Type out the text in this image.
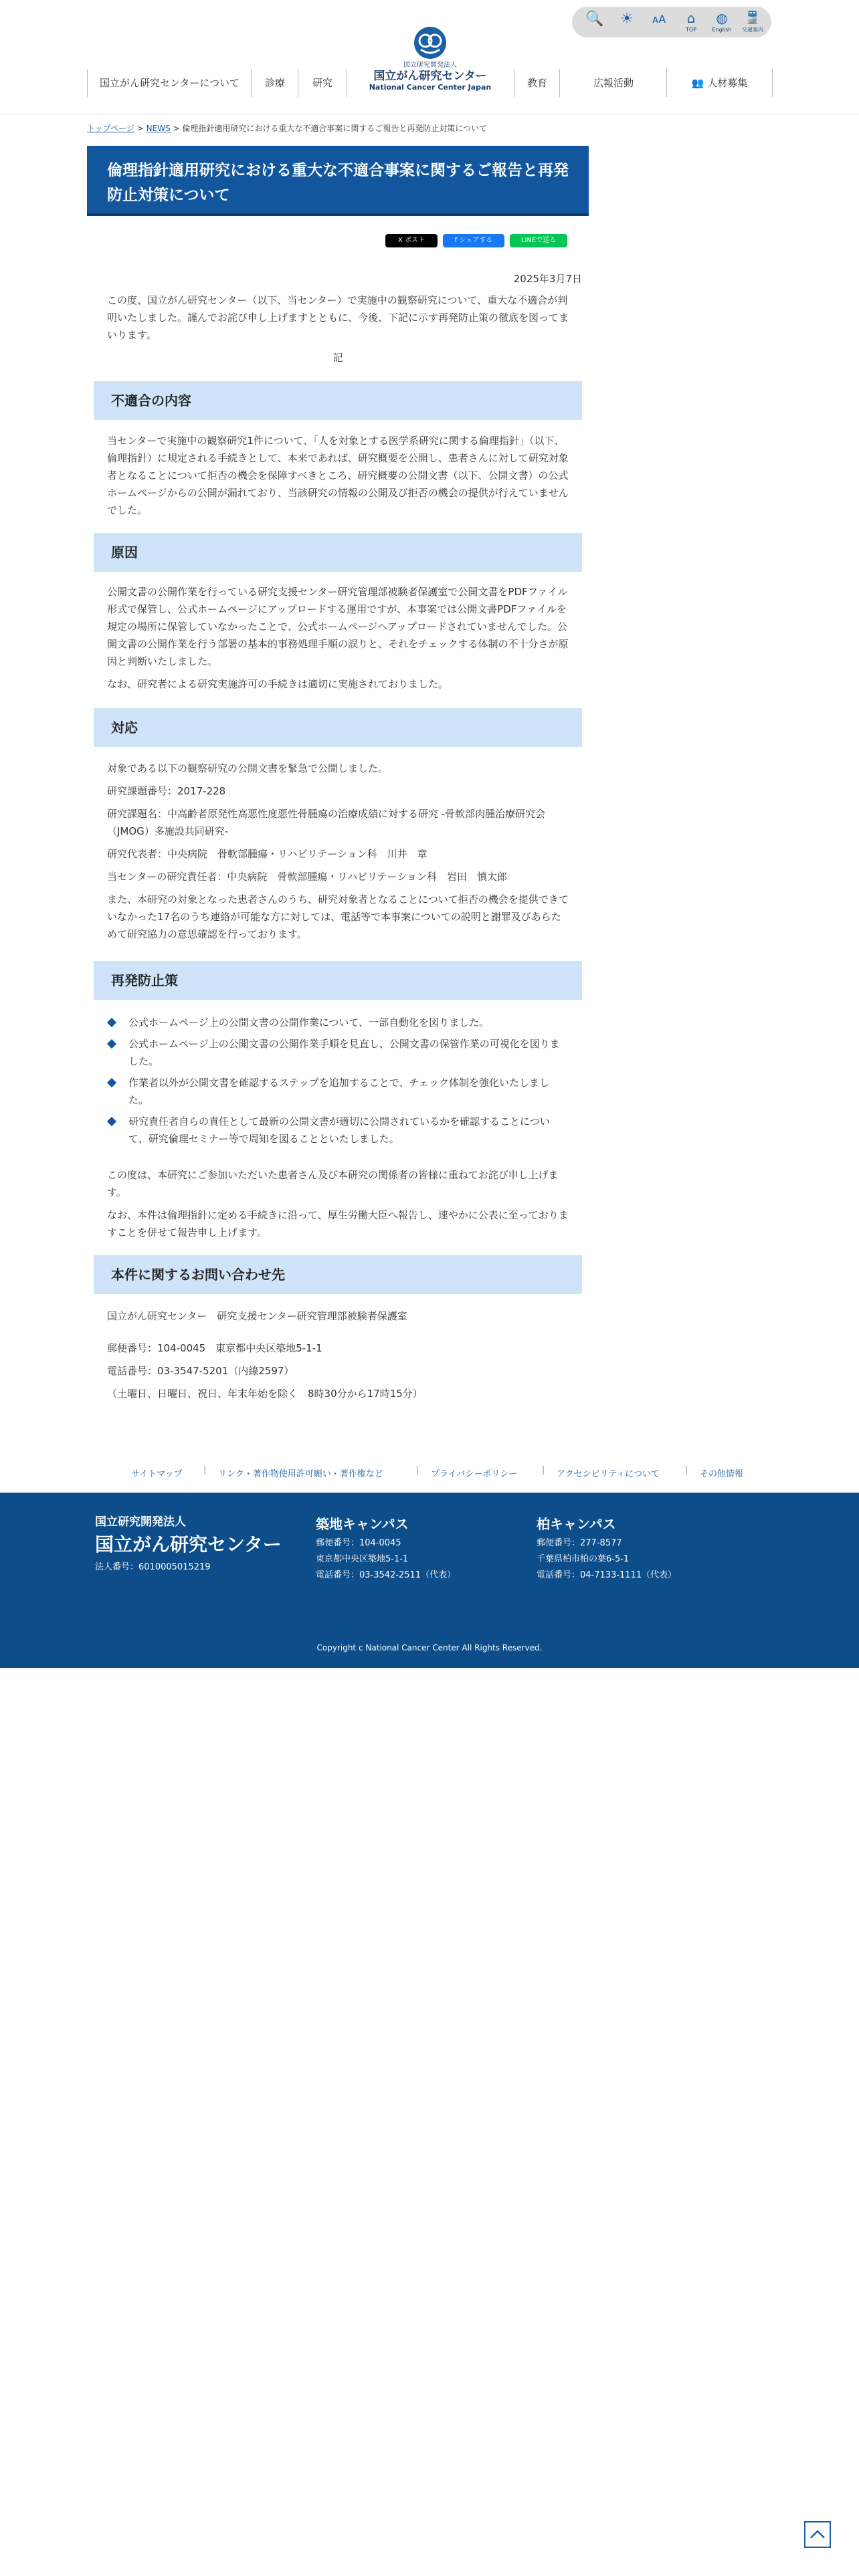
🔍	☀	ᴀA	⌂
TOP
◍
English
🚆
交通案内
国立研究開発法人
国立がん研究センター
National Cancer Center Japan
国立がん研究センターについて	診療	研究	教育	広報活動	👥 人材募集
トップページ > NEWS > 倫理指針適用研究における重大な不適合事案に関するご報告と再発防止対策について
倫理指針適用研究における重大な不適合事案に関するご報告と再発防止対策について
X ポスト	f シェアする	LINEで送る
2025年3月7日
この度、国立がん研究センター（以下、当センター）で実施中の観察研究について、重大な不適合が判明いたしました。謹んでお詫び申し上げますとともに、今後、下記に示す再発防止策の徹底を図ってまいります。
記
不適合の内容
当センターで実施中の観察研究1件について、「人を対象とする医学系研究に関する倫理指針」（以下、倫理指針）に規定される手続きとして、本来であれば、研究概要を公開し、患者さんに対して研究対象者となることについて拒否の機会を保障すべきところ、研究概要の公開文書（以下、公開文書）の公式ホームページからの公開が漏れており、当該研究の情報の公開及び拒否の機会の提供が行えていませんでした。
原因

公開文書の公開作業を行っている研究支援センター研究管理部被験者保護室で公開文書をPDFファイル形式で保管し、公式ホームページにアップロードする運用ですが、本事案では公開文書PDFファイルを規定の場所に保管していなかったことで、公式ホームページへアップロードされていませんでした。公開文書の公開作業を行う部署の基本的事務処理手順の誤りと、それをチェックする体制の不十分さが原因と判断いたしました。

なお、研究者による研究実施許可の手続きは適切に実施されておりました。

対応

対象である以下の観察研究の公開文書を緊急で公開しました。

研究課題番号：2017-228

研究課題名：中高齢者原発性高悪性度悪性骨腫瘍の治療成績に対する研究 -骨軟部肉腫治療研究会（JMOG）多施設共同研究-

研究代表者：中央病院　骨軟部腫瘍・リハビリテーション科　川井　章

当センターの研究責任者：中央病院　骨軟部腫瘍・リハビリテーション科　岩田　慎太郎

また、本研究の対象となった患者さんのうち、研究対象者となることについて拒否の機会を提供できていなかった17名のうち連絡が可能な方に対しては、電話等で本事案についての説明と謝罪及びあらためて研究協力の意思確認を行っております。

再発防止策
公式ホームページ上の公開文書の公開作業について、一部自動化を図りました。
公式ホームページ上の公開文書の公開作業手順を見直し、公開文書の保管作業の可視化を図りました。
作業者以外が公開文書を確認するステップを追加することで、チェック体制を強化いたしました。
研究責任者自らの責任として最新の公開文書が適切に公開されているかを確認することについて、研究倫理セミナー等で周知を図ることといたしました。

この度は、本研究にご参加いただいた患者さん及び本研究の関係者の皆様に重ねてお詫び申し上げます。

なお、本件は倫理指針に定める手続きに沿って、厚生労働大臣へ報告し、速やかに公表に至っておりますことを併せて報告申し上げます。

本件に関するお問い合わせ先

国立がん研究センター　研究支援センター研究管理部被験者保護室

郵便番号：104-0045　東京都中央区築地5-1-1

電話番号：03-3547-5201（内線2597）

（土曜日、日曜日、祝日、年末年始を除く　8時30分から17時15分）

サイトマップ | リンク・著作物使用許可願い・著作権など	| プライバシーポリシー	| アクセシビリティについて	| その他情報
国立研究開発法人
国立がん研究センター
法人番号：6010005015219
築地キャンパス
郵便番号：104-0045
東京都中央区築地5-1-1
電話番号：03-3542-2511（代表）
柏キャンパス
郵便番号：277-8577
千葉県柏市柏の葉6-5-1
電話番号：04-7133-1111（代表）
Copyright c National Cancer Center All Rights Reserved.
